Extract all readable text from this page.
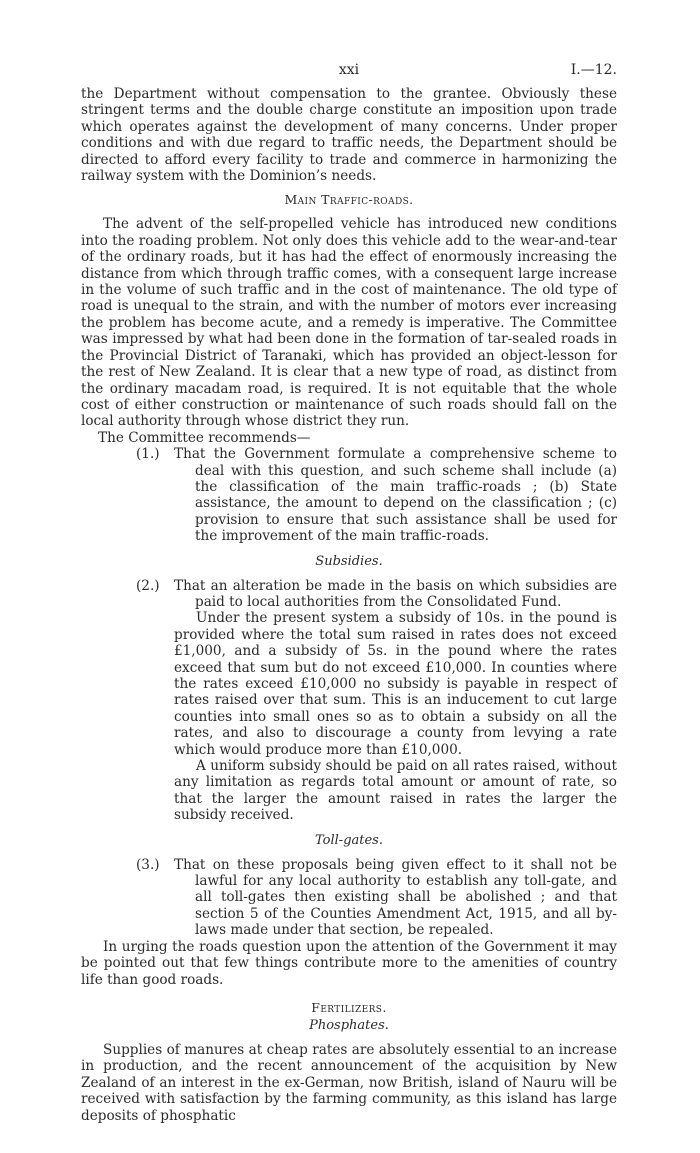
xxi	I.—12.

the Department without compensation to the grantee. Obviously these stringent terms and the double charge constitute an imposition upon trade which operates against the development of many concerns. Under proper conditions and with due regard to traffic needs, the Department should be directed to afford every facility to trade and commerce in harmonizing the railway system with the Dominion’s needs.

Main Traffic-roads.

The advent of the self-propelled vehicle has introduced new conditions into the roading problem. Not only does this vehicle add to the wear-and-tear of the ordinary roads, but it has had the effect of enormously increasing the distance from which through traffic comes, with a consequent large increase in the volume of such traffic and in the cost of maintenance. The old type of road is unequal to the strain, and with the number of motors ever increasing the problem has become acute, and a remedy is imperative. The Committee was impressed by what had been done in the formation of tar-sealed roads in the Provincial District of Taranaki, which has provided an object-lesson for the rest of New Zealand. It is clear that a new type of road, as distinct from the ordinary macadam road, is required. It is not equitable that the whole cost of either construction or maintenance of such roads should fall on the local authority through whose district they run.

The Committee recommends—

(1.) That the Government formulate a comprehensive scheme to deal with this question, and such scheme shall include (a) the classification of the main traffic-roads ; (b) State assistance, the amount to depend on the classification ; (c) provision to ensure that such assistance shall be used for the improvement of the main traffic-roads.

Subsidies.
(2.) That an alteration be made in the basis on which subsidies are paid to local authorities from the Consolidated Fund.

Under the present system a subsidy of 10s. in the pound is provided where the total sum raised in rates does not exceed £1,000, and a subsidy of 5s. in the pound where the rates exceed that sum but do not exceed £10,000. In counties where the rates exceed £10,000 no subsidy is payable in respect of rates raised over that sum. This is an inducement to cut large counties into small ones so as to obtain a subsidy on all the rates, and also to discourage a county from levying a rate which would produce more than £10,000.

A uniform subsidy should be paid on all rates raised, without any limitation as regards total amount or amount of rate, so that the larger the amount raised in rates the larger the subsidy received.

Toll-gates.
(3.) That on these proposals being given effect to it shall not be lawful for any local authority to establish any toll-gate, and all toll-gates then existing shall be abolished ; and that section 5 of the Counties Amendment Act, 1915, and all by-laws made under that section, be repealed.

In urging the roads question upon the attention of the Government it may be pointed out that few things contribute more to the amenities of country life than good roads.

Fertilizers.
Phosphates.

Supplies of manures at cheap rates are absolutely essential to an increase in production, and the recent announcement of the acquisition by New Zealand of an interest in the ex-German, now British, island of Nauru will be received with satisfaction by the farming community, as this island has large deposits of phosphatic
